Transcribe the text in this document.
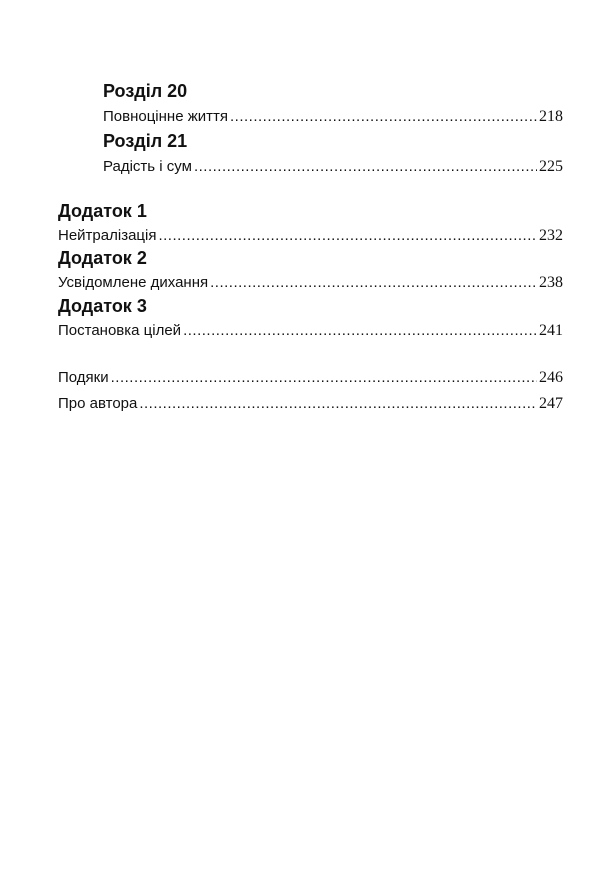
Розділ 20
Повноцінне життя .....	218
Розділ 21
Радість і сум .....	225
Додаток 1
Нейтралізація .....	232
Додаток 2
Усвідомлене дихання .....	238
Додаток 3
Постановка цілей .....	241
Подяки .....	246
Про автора .....	247
